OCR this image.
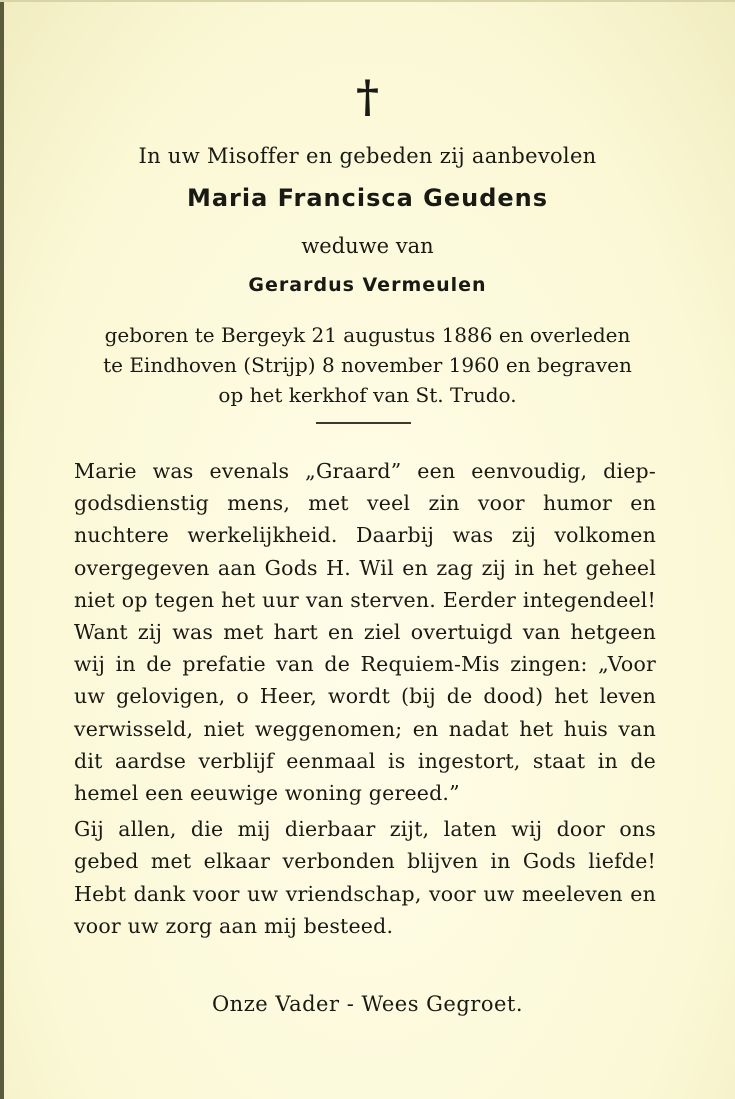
†
In uw Misoffer en gebeden zij aanbevolen
Maria Francisca Geudens
weduwe van
Gerardus Vermeulen
geboren te Bergeyk 21 augustus 1886 en overleden
te Eindhoven (Strijp) 8 november 1960 en begraven
op het kerkhof van St. Trudo.

Marie was evenals „Graard” een eenvoudig, diep-godsdienstig mens, met veel zin voor humor en nuchtere werkelijkheid. Daarbij was zij volkomen overgegeven aan Gods H. Wil en zag zij in het geheel niet op tegen het uur van sterven. Eerder integendeel! Want zij was met hart en ziel overtuigd van hetgeen wij in de prefatie van de Requiem-Mis zingen: „Voor uw gelovigen, o Heer, wordt (bij de dood) het leven verwisseld, niet weggenomen; en nadat het huis van dit aardse verblijf eenmaal is ingestort, staat in de hemel een eeuwige woning gereed.”

Gij allen, die mij dierbaar zijt, laten wij door ons gebed met elkaar verbonden blijven in Gods liefde! Hebt dank voor uw vriendschap, voor uw meeleven en voor uw zorg aan mij besteed.

Onze Vader - Wees Gegroet.
